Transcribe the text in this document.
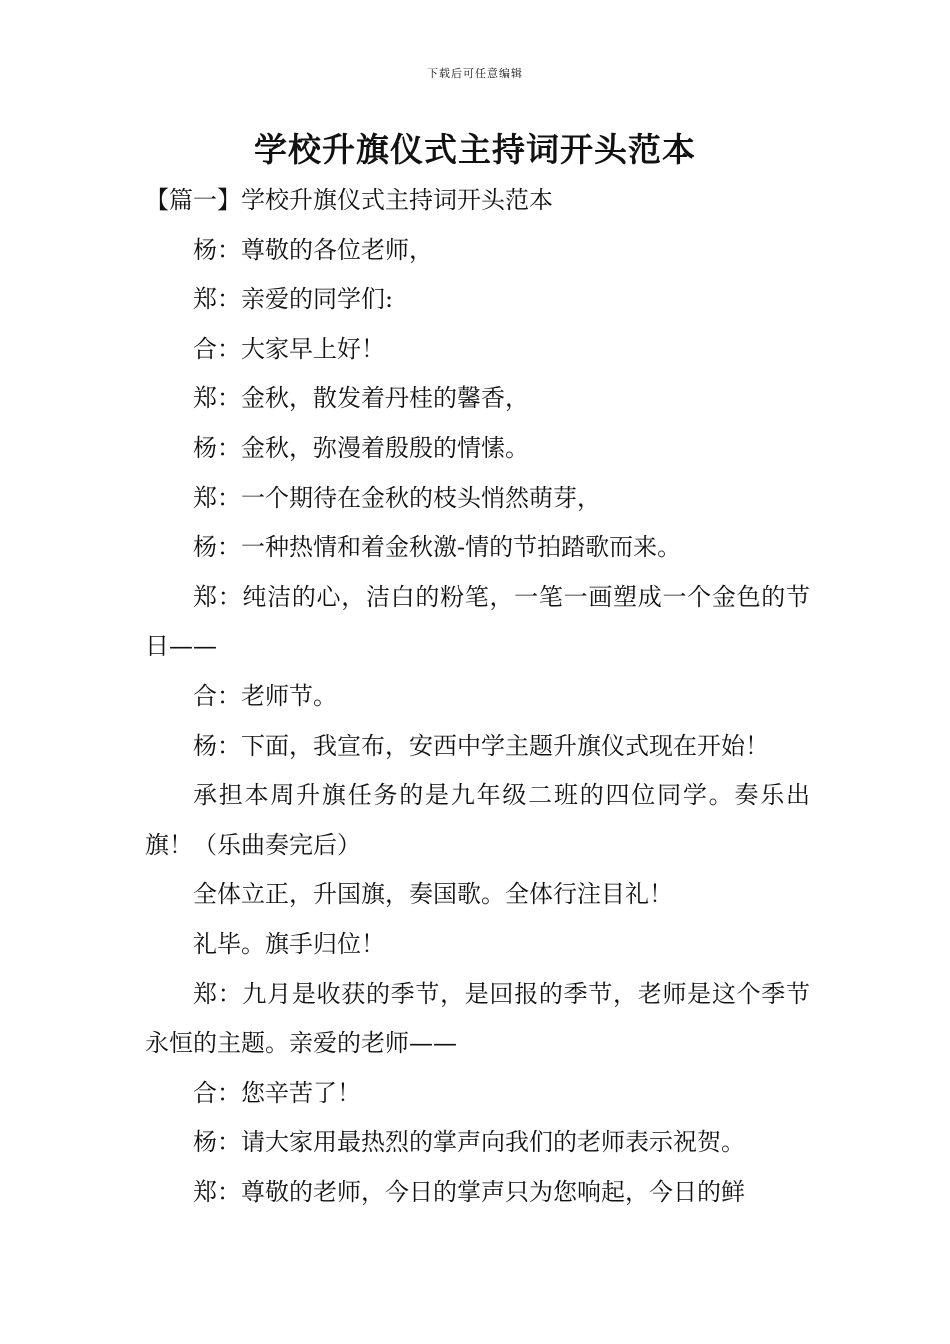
下载后可任意编辑
学校升旗仪式主持词开头范本

【篇一】学校升旗仪式主持词开头范本

杨：尊敬的各位老师，

郑：亲爱的同学们:

合：大家早上好！

郑：金秋，散发着丹桂的馨香，

杨：金秋，弥漫着殷殷的情愫。

郑：一个期待在金秋的枝头悄然萌芽，

杨：一种热情和着金秋激-情的节拍踏歌而来。

郑：纯洁的心，洁白的粉笔，一笔一画塑成一个金色的节日——

合：老师节。

杨：下面，我宣布，安西中学主题升旗仪式现在开始！

承担本周升旗任务的是九年级二班的四位同学。奏乐出旗！（乐曲奏完后）

全体立正，升国旗，奏国歌。全体行注目礼！

礼毕。旗手归位！

郑：九月是收获的季节，是回报的季节，老师是这个季节永恒的主题。亲爱的老师——

合：您辛苦了！

杨：请大家用最热烈的掌声向我们的老师表示祝贺。

郑：尊敬的老师，今日的掌声只为您响起，今日的鲜
